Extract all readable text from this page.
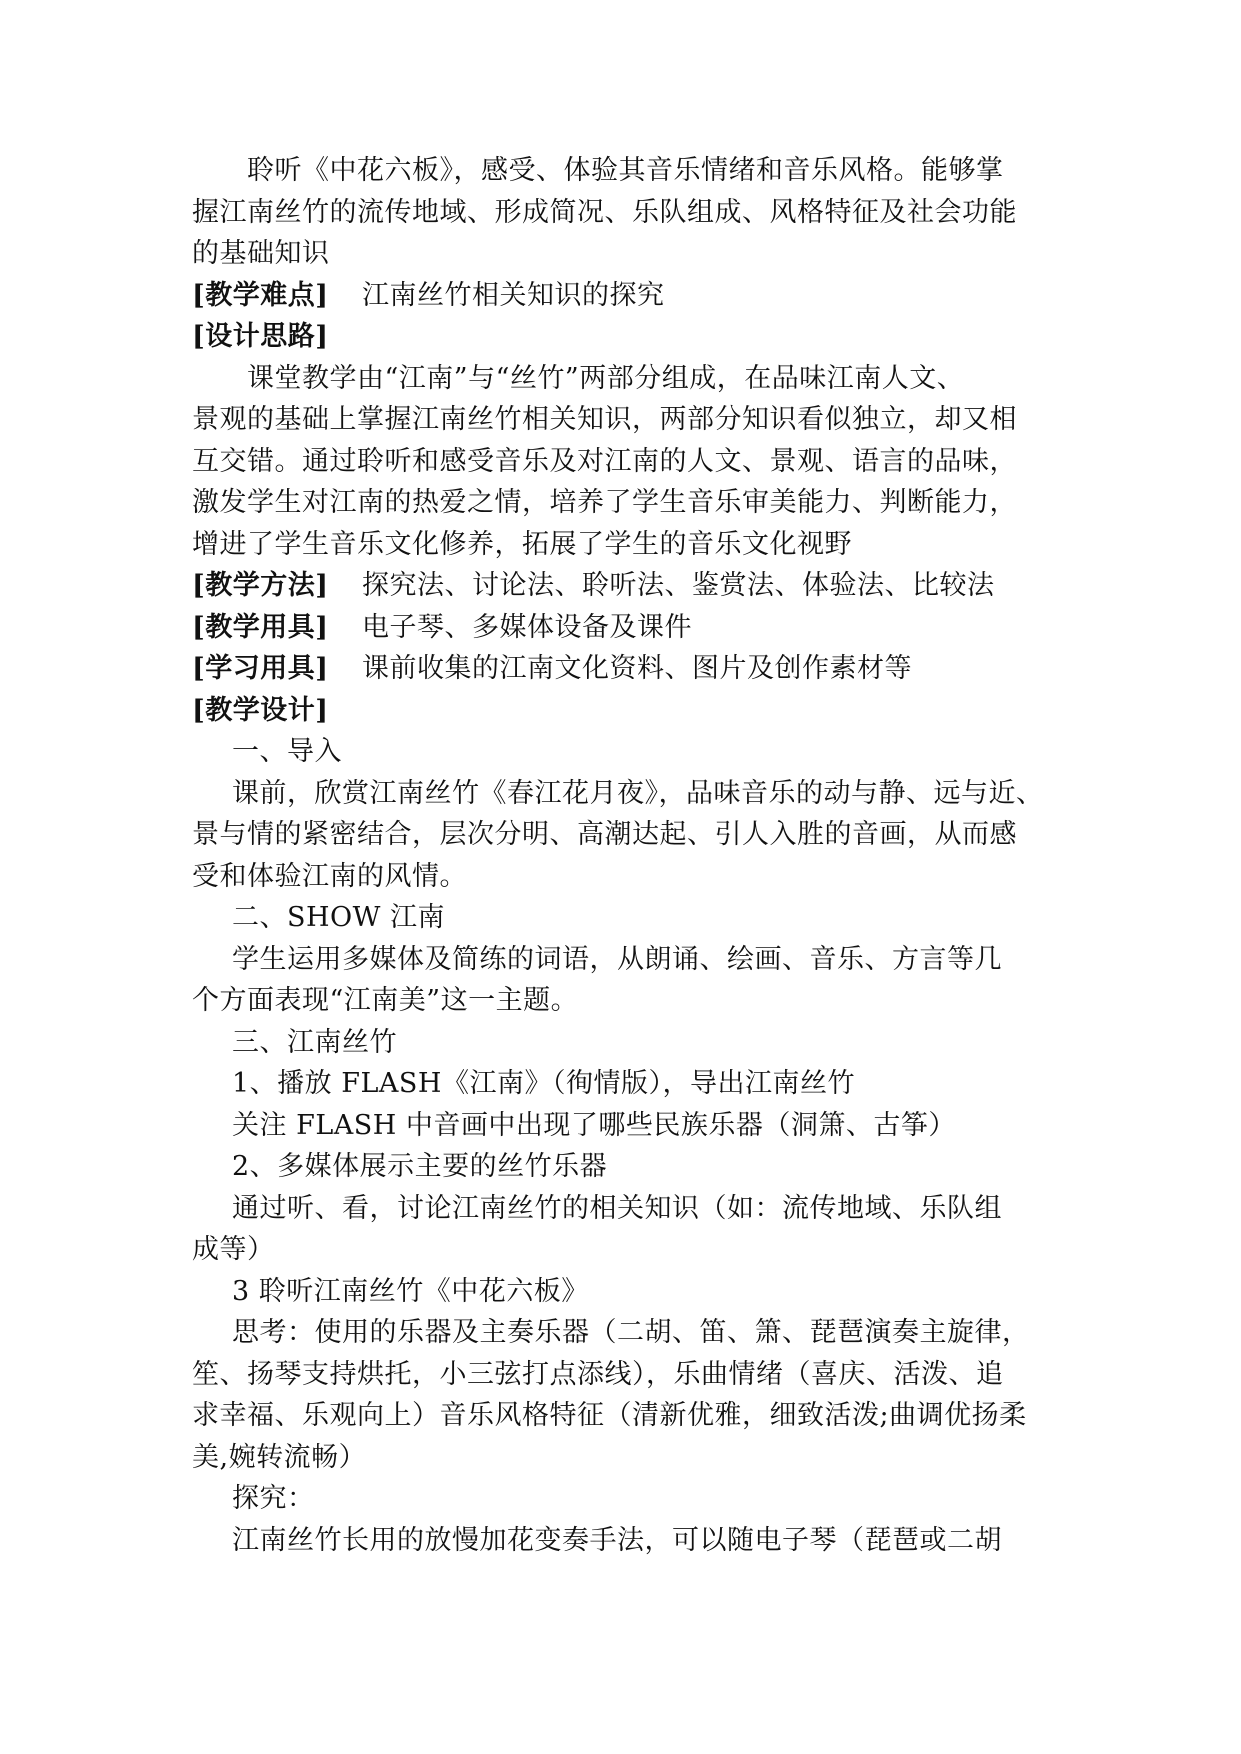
聆听《中花六板》，感受、体验其音乐情绪和音乐风格。能够掌
握江南丝竹的流传地域、形成简况、乐队组成、风格特征及社会功能
的基础知识
[教学难点] 江南丝竹相关知识的探究
[设计思路]
课堂教学由“江南”与“丝竹”两部分组成，在品味江南人文、
景观的基础上掌握江南丝竹相关知识，两部分知识看似独立，却又相
互交错。通过聆听和感受音乐及对江南的人文、景观、语言的品味，
激发学生对江南的热爱之情，培养了学生音乐审美能力、判断能力，
增进了学生音乐文化修养，拓展了学生的音乐文化视野
[教学方法] 探究法、讨论法、聆听法、鉴赏法、体验法、比较法
[教学用具] 电子琴、多媒体设备及课件
[学习用具] 课前收集的江南文化资料、图片及创作素材等
[教学设计]
一、导入
课前，欣赏江南丝竹《春江花月夜》，品味音乐的动与静、远与近、
景与情的紧密结合，层次分明、高潮达起、引人入胜的音画，从而感
受和体验江南的风情。
二、SHOW 江南
学生运用多媒体及简练的词语，从朗诵、绘画、音乐、方言等几
个方面表现“江南美”这一主题。
三、江南丝竹
1、播放 FLASH《江南》（徇情版），导出江南丝竹
关注 FLASH 中音画中出现了哪些民族乐器（洞箫、古筝）
2、多媒体展示主要的丝竹乐器
通过听、看，讨论江南丝竹的相关知识（如：流传地域、乐队组
成等）
3 聆听江南丝竹《中花六板》
思考：使用的乐器及主奏乐器（二胡、笛、箫、琵琶演奏主旋律，
笙、扬琴支持烘托，小三弦打点添线），乐曲情绪（喜庆、活泼、追
求幸福、乐观向上）音乐风格特征（清新优雅，细致活泼;曲调优扬柔
美,婉转流畅）
探究：
江南丝竹长用的放慢加花变奏手法，可以随电子琴（琵琶或二胡
